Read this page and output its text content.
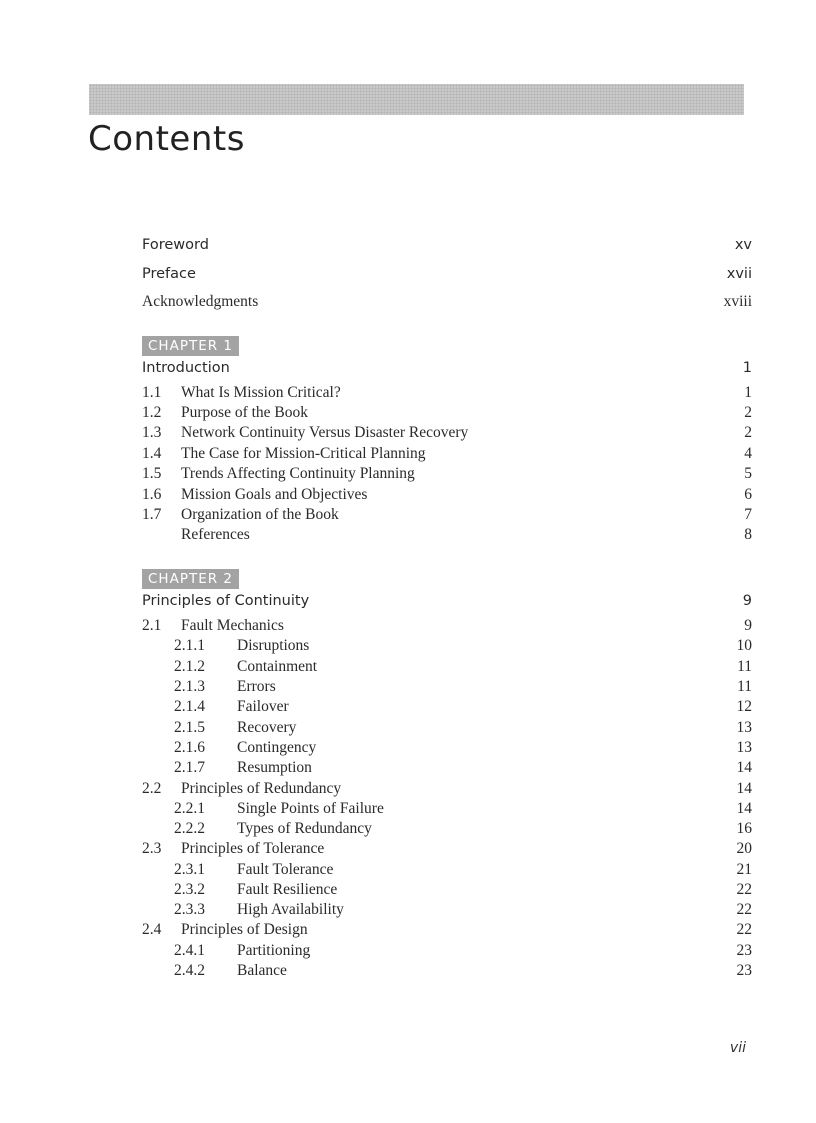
Contents
Foreword	xv
Preface	xvii
Acknowledgments	xviii
CHAPTER 1
Introduction	1
1.1 What Is Mission Critical?	1
1.2 Purpose of the Book	2
1.3 Network Continuity Versus Disaster Recovery	2
1.4 The Case for Mission-Critical Planning	4
1.5 Trends Affecting Continuity Planning	5
1.6 Mission Goals and Objectives	6
1.7 Organization of the Book	7
References	8
CHAPTER 2
Principles of Continuity	9
2.1 Fault Mechanics	9
2.1.1 Disruptions	10
2.1.2 Containment	11
2.1.3 Errors	11
2.1.4 Failover	12
2.1.5 Recovery	13
2.1.6 Contingency	13
2.1.7 Resumption	14
2.2 Principles of Redundancy	14
2.2.1 Single Points of Failure	14
2.2.2 Types of Redundancy	16
2.3 Principles of Tolerance	20
2.3.1 Fault Tolerance	21
2.3.2 Fault Resilience	22
2.3.3 High Availability	22
2.4 Principles of Design	22
2.4.1 Partitioning	23
2.4.2 Balance	23
vii
